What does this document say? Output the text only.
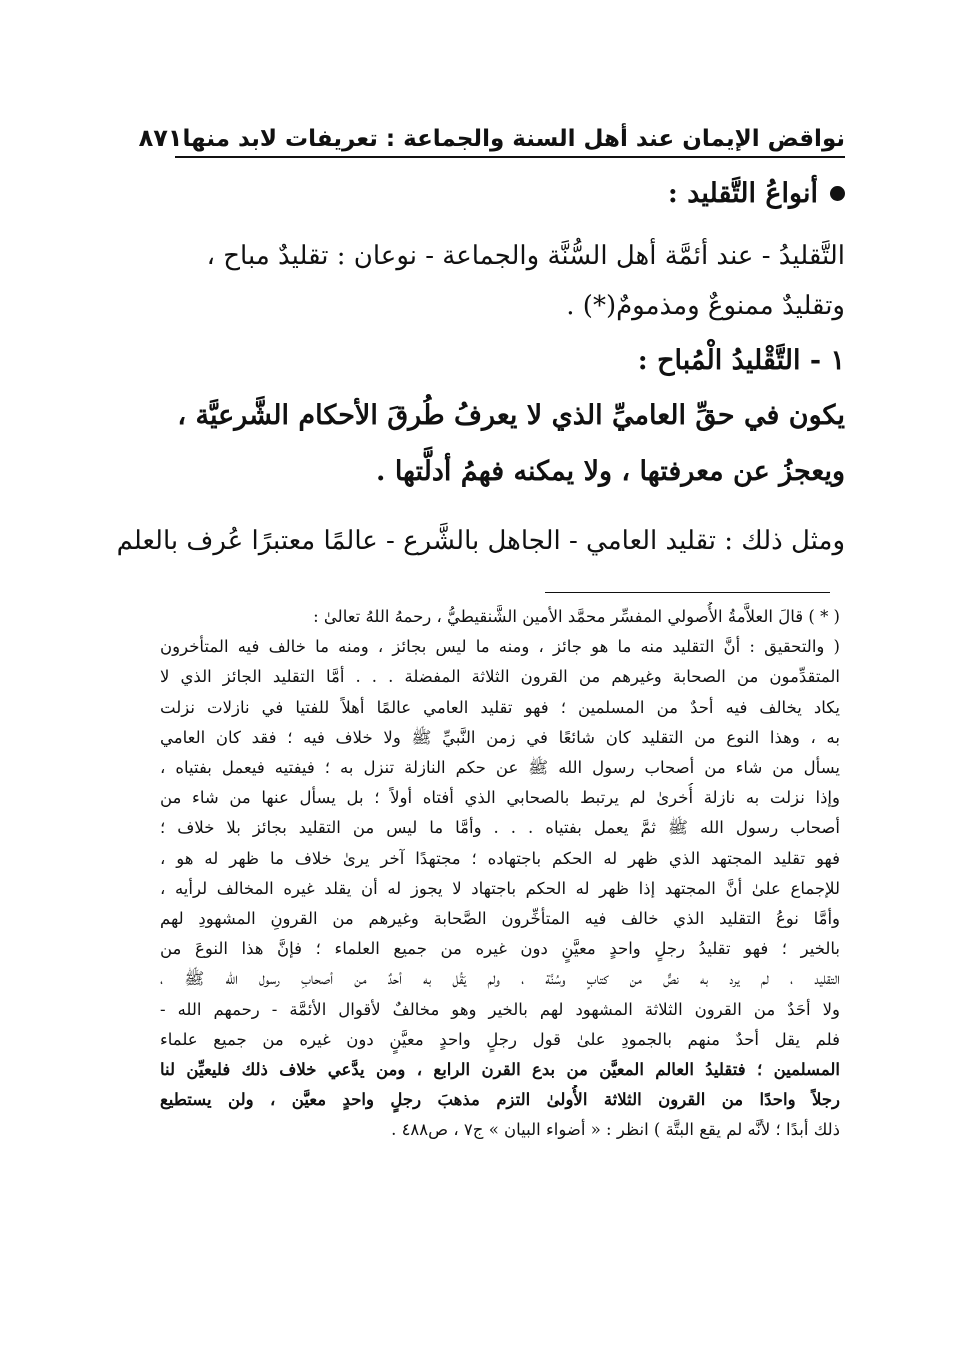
نواقض الإيمان عند أهل السنة والجماعة : تعريفات لابد منها
٨٧١
أنواعُ التَّقليد :

التَّقليدُ - عند أئمَّة أهل السُّنَّة والجماعة - نوعان : تقليدٌ مباح ،

وتقليدٌ ممنوعٌ ومذمومٌ(*) .

١ - التَّقْليدُ الْمُباح :

يكون في حقِّ العاميِّ الذي لا يعرفُ طُرقَ الأحكام الشَّرعيَّة ،

ويعجزُ عن معرفتها ، ولا يمكنه فهمُ أدلَّتها .

ومثل ذلك : تقليد العامي - الجاهل بالشَّرع - عالمًا معتبرًا عُرف بالعلم

( * ) قالَ العلاَّمةُ الأُصولي المفسِّر محمَّد الأمين الشَّنقيطيُّ ، رحمهُ اللهُ تعالىٰ :

( والتحقيق : أنَّ التقليد منه ما هو جائز ، ومنه ما ليس بجائز ، ومنه ما خالف فيه المتأخرون

المتقدِّمون من الصحابة وغيرهم من القرون الثلاثة المفضلة . . . أمَّا التقليد الجائز الذي لا

يكاد يخالف فيه أحدٌ من المسلمين ؛ فهو تقليد العامي عالمًا أهلاً للفتيا في نازلات نزلت

به ، وهذا النوع من التقليد كان شائعًا في زمن النَّبيِّ ﷺ ولا خلاف فيه ؛ فقد كان العامي

يسأل من شاء من أصحاب رسول الله ﷺ عن حكم النازلة تنزل به ؛ فيفتيه فيعمل بفتياه ،

وإذا نزلت به نازلة أُخرىٰ لم يرتبط بالصحابي الذي أفتاه أولاً ؛ بل يسأل عنها من شاء من

أصحاب رسول الله ﷺ ثمَّ يعمل بفتياه . . . وأمَّا ما ليس من التقليد بجائز بلا خلاف ؛

فهو تقليد المجتهد الذي ظهر له الحكم باجتهاده ؛ مجتهدًا آخر يرىٰ خلاف ما ظهر له هو ،

للإجماع علىٰ أنَّ المجتهد إذا ظهر له الحكم باجتهاد لا يجوز له أن يقلد غيره المخالف لرأيه ،

وأمَّا نوعُ التقليد الذي خالف فيه المتأخِّرون الصَّحابة وغيرهم من القرونِ المشهودِ لهم

بالخير ؛ فهو تقليدُ رجلٍ واحدٍ معيَّنٍ دون غيره من جميع العلماء ؛ فإنَّ هذا النوعَ من

التقليد ، لم يرد به نصٌّ من كتابٍ وسُنَّة ، ولم يَقُل به أحدٌ من أصحابِ رسول الله ﷺ ،

ولا أحَدٌ من القرون الثلاثة المشهود لهم بالخير وهو مخالفٌ لأقوال الأئمَّة - رحمهم الله -

فلم يقل أحدٌ منهم بالجمودِ علىٰ قول رجلٍ واحدٍ معيَّنٍ دون غيره من جميع علماء

المسلمين ؛ فتقليدُ العالم المعيَّن من بدع القرن الرابع ، ومن يدَّعي خلاف ذلك فليعيِّن لنا

رجلاً واحدًا من القرون الثلاثة الأُولىٰ التزم مذهبَ رجلٍ واحدٍ معيَّن ، ولن يستطيع

ذلك أبدًا ؛ لأنَّه لم يقع البتَّة ) انظر : « أضواء البيان » ج٧ ، ص٤٨٨ .
